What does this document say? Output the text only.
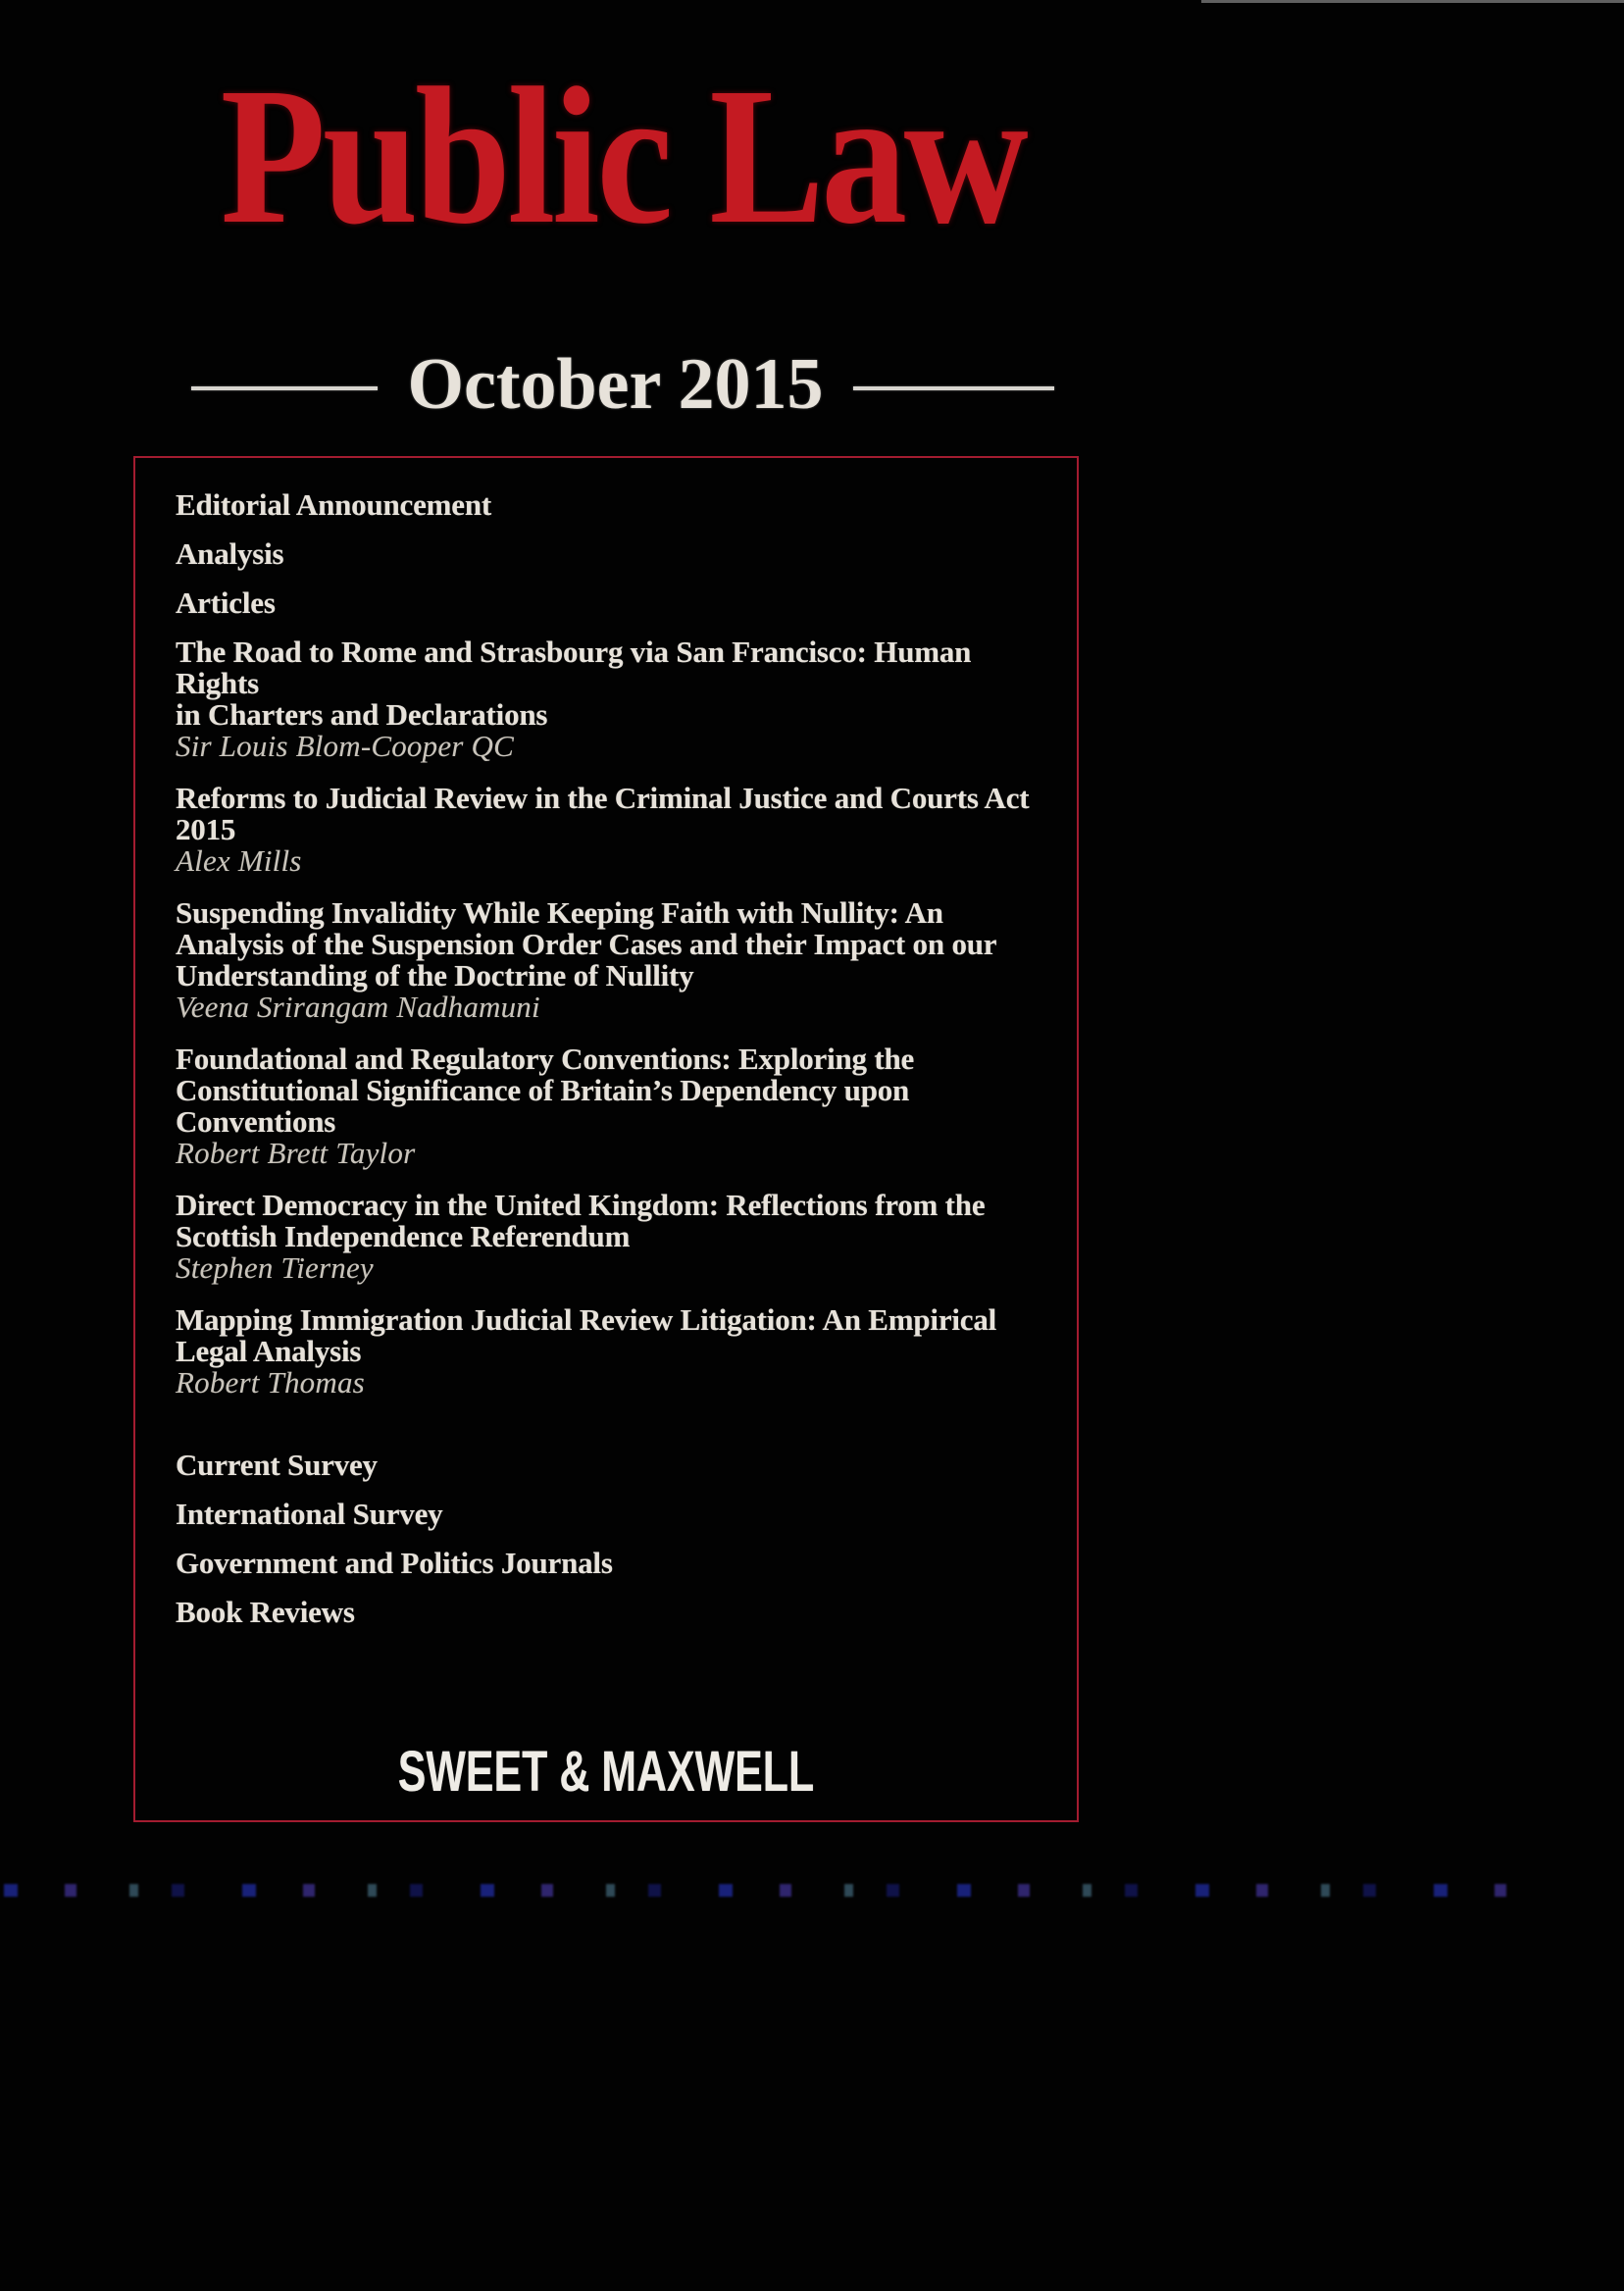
Public Law
October 2015
Editorial Announcement
Analysis
Articles
The Road to Rome and Strasbourg via San Francisco: Human Rights
in Charters and Declarations
Sir Louis Blom-Cooper QC
Reforms to Judicial Review in the Criminal Justice and Courts Act
2015
Alex Mills
Suspending Invalidity While Keeping Faith with Nullity: An
Analysis of the Suspension Order Cases and their Impact on our
Understanding of the Doctrine of Nullity
Veena Srirangam Nadhamuni
Foundational and Regulatory Conventions: Exploring the
Constitutional Significance of Britain’s Dependency upon
Conventions
Robert Brett Taylor
Direct Democracy in the United Kingdom: Reflections from the
Scottish Independence Referendum
Stephen Tierney
Mapping Immigration Judicial Review Litigation: An Empirical
Legal Analysis
Robert Thomas
Current Survey
International Survey
Government and Politics Journals
Book Reviews

SWEET & MAXWELL
